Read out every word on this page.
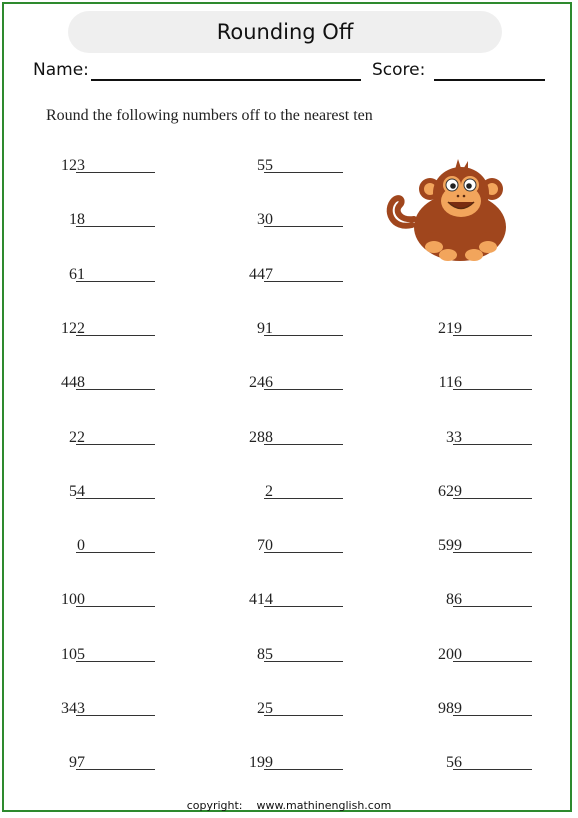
Rounding Off
Name:	Score:
Round the following numbers off to the nearest ten
123	55
18	30
61	447
122	91	219
448	246	116
22	288	33
54	2	629
0	70	599
100	414	86
105	85	200
343	25	989
97	199	56
copyright: www.mathinenglish.com
